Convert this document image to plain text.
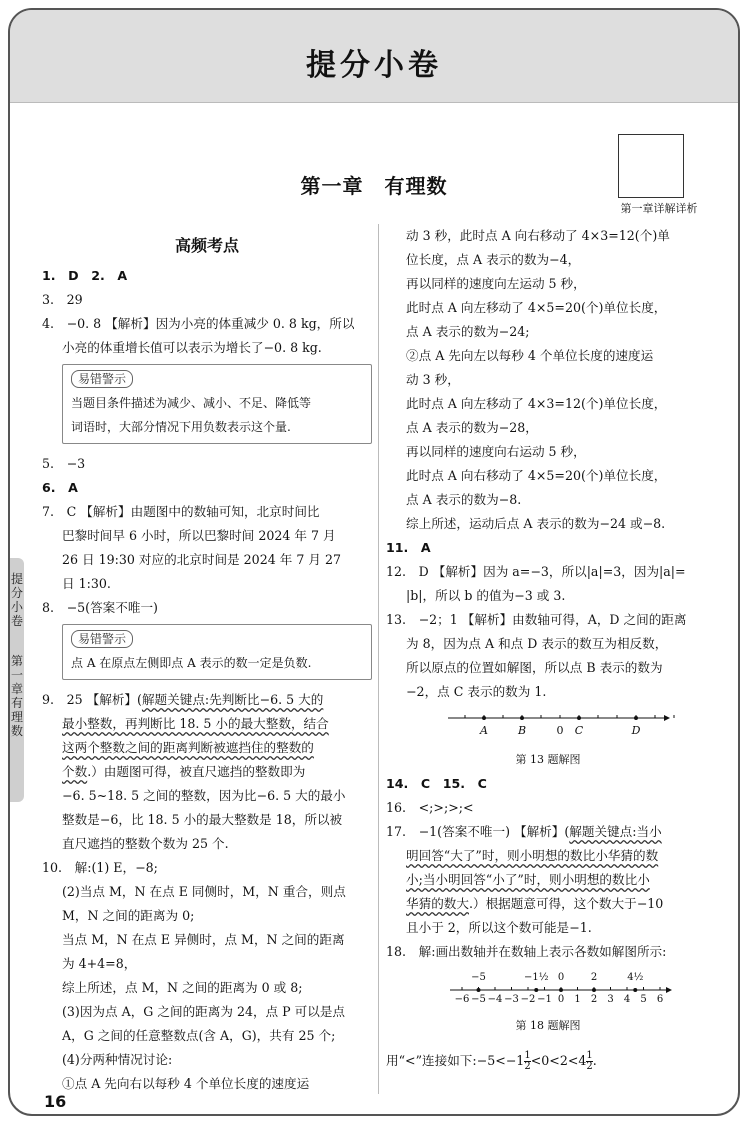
提分小卷
第一章　有理数
第一章详解详析
提分小卷
第一章　有理数
高频考点
1.　D　2.　A
3.　29
4.　−0. 8 【解析】因为小亮的体重减少 0. 8 kg，所以
小亮的体重增长值可以表示为增长了−0. 8 kg.
易错警示
当题目条件描述为减少、减小、不足、降低等
词语时，大部分情况下用负数表示这个量.
5.　−3
6.　A
7.　C 【解析】由题图中的数轴可知，北京时间比
巴黎时间早 6 小时，所以巴黎时间 2024 年 7 月
26 日 19:30 对应的北京时间是 2024 年 7 月 27
日 1:30.
8.　−5(答案不唯一)
易错警示
点 A 在原点左侧即点 A 表示的数一定是负数.
9.　25 【解析】(解题关键点:先判断比−6. 5 大的
最小整数，再判断比 18. 5 小的最大整数，结合
这两个整数之间的距离判断被遮挡住的整数的
个数.）由题图可得，被直尺遮挡的整数即为
−6. 5~18. 5 之间的整数，因为比−6. 5 大的最小
整数是−6，比 18. 5 小的最大整数是 18，所以被
直尺遮挡的整数个数为 25 个.
10.　解:(1) E，−8;
(2)当点 M，N 在点 E 同侧时，M，N 重合，则点
M，N 之间的距离为 0;
当点 M，N 在点 E 异侧时，点 M，N 之间的距离
为 4+4=8，
综上所述，点 M，N 之间的距离为 0 或 8;
(3)因为点 A，G 之间的距离为 24，点 P 可以是点
A，G 之间的任意整数点(含 A，G)，共有 25 个;
(4)分两种情况讨论:
①点 A 先向右以每秒 4 个单位长度的速度运
动 3 秒，此时点 A 向右移动了 4×3=12(个)单
位长度，点 A 表示的数为−4，
再以同样的速度向左运动 5 秒，
此时点 A 向左移动了 4×5=20(个)单位长度，
点 A 表示的数为−24;
②点 A 先向左以每秒 4 个单位长度的速度运
动 3 秒，
此时点 A 向左移动了 4×3=12(个)单位长度，
点 A 表示的数为−28，
再以同样的速度向右运动 5 秒，
此时点 A 向右移动了 4×5=20(个)单位长度，
点 A 表示的数为−8.
综上所述，运动后点 A 表示的数为−24 或−8.
11.　A
12.　D 【解析】因为 a=−3，所以|a|=3，因为|a|=
|b|，所以 b 的值为−3 或 3.
13.　−2；1 【解析】由数轴可得，A，D 之间的距离
为 8，因为点 A 和点 D 表示的数互为相反数，
所以原点的位置如解图，所以点 B 表示的数为
−2，点 C 表示的数为 1.
A	B	0 C	D
第 13 题解图
14.　C　15.　C
16.　<;>;>;<
17.　−1(答案不唯一) 【解析】(解题关键点:当小
明回答“大了”时，则小明想的数比小华猜的数
小;当小明回答“小了”时，则小明想的数比小
华猜的数大.）根据题意可得，这个数大于−10
且小于 2，所以这个数可能是−1.
18.　解:画出数轴并在数轴上表示各数如解图所示:
−6 −5 −4 −3 −2 −1 0 1 2 3 4 5 6
−5	−1½ 0	2	4½
第 18 题解图
用“<”连接如下:−5<−1 $\frac{1}{2} <0<2<4 \frac{1}{2}$ .
16
